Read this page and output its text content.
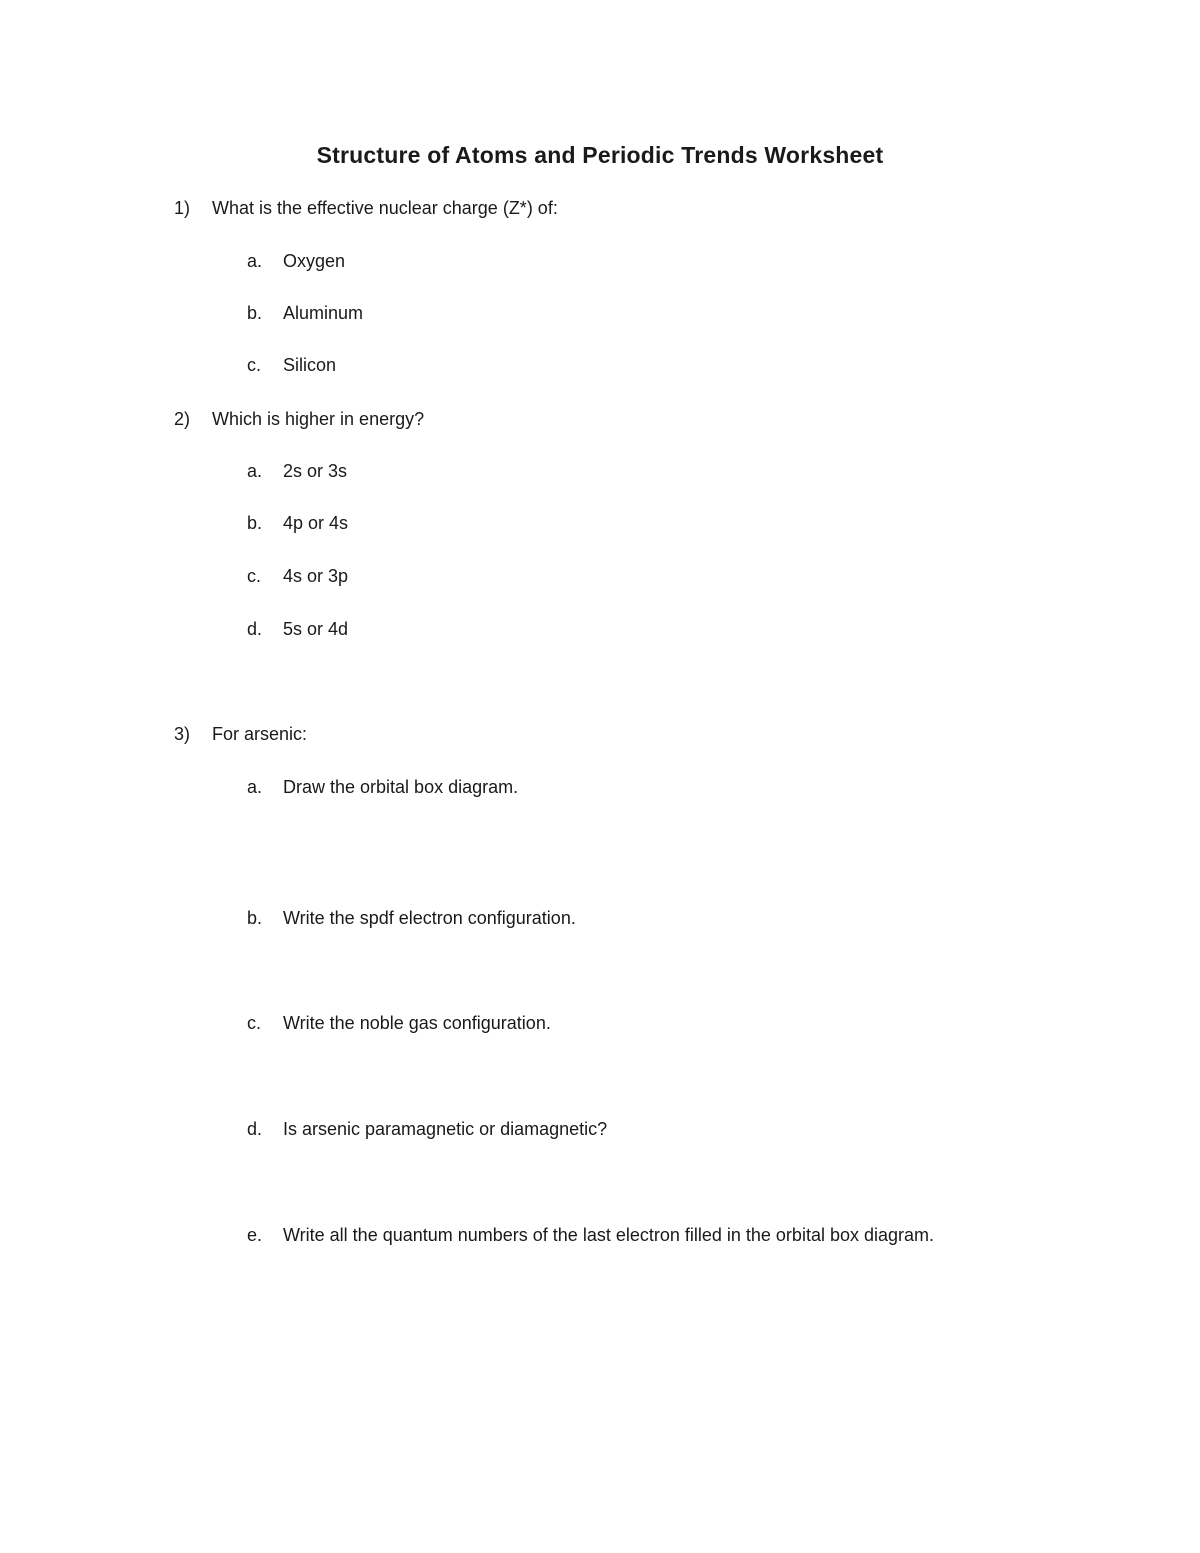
Structure of Atoms and Periodic Trends Worksheet
1) What is the effective nuclear charge (Z*) of:
a. Oxygen
b. Aluminum
c. Silicon
2) Which is higher in energy?
a. 2s or 3s
b. 4p or 4s
c. 4s or 3p
d. 5s or 4d
3) For arsenic:
a. Draw the orbital box diagram.
b. Write the spdf electron configuration.
c. Write the noble gas configuration.
d. Is arsenic paramagnetic or diamagnetic?
e. Write all the quantum numbers of the last electron filled in the orbital box diagram.
